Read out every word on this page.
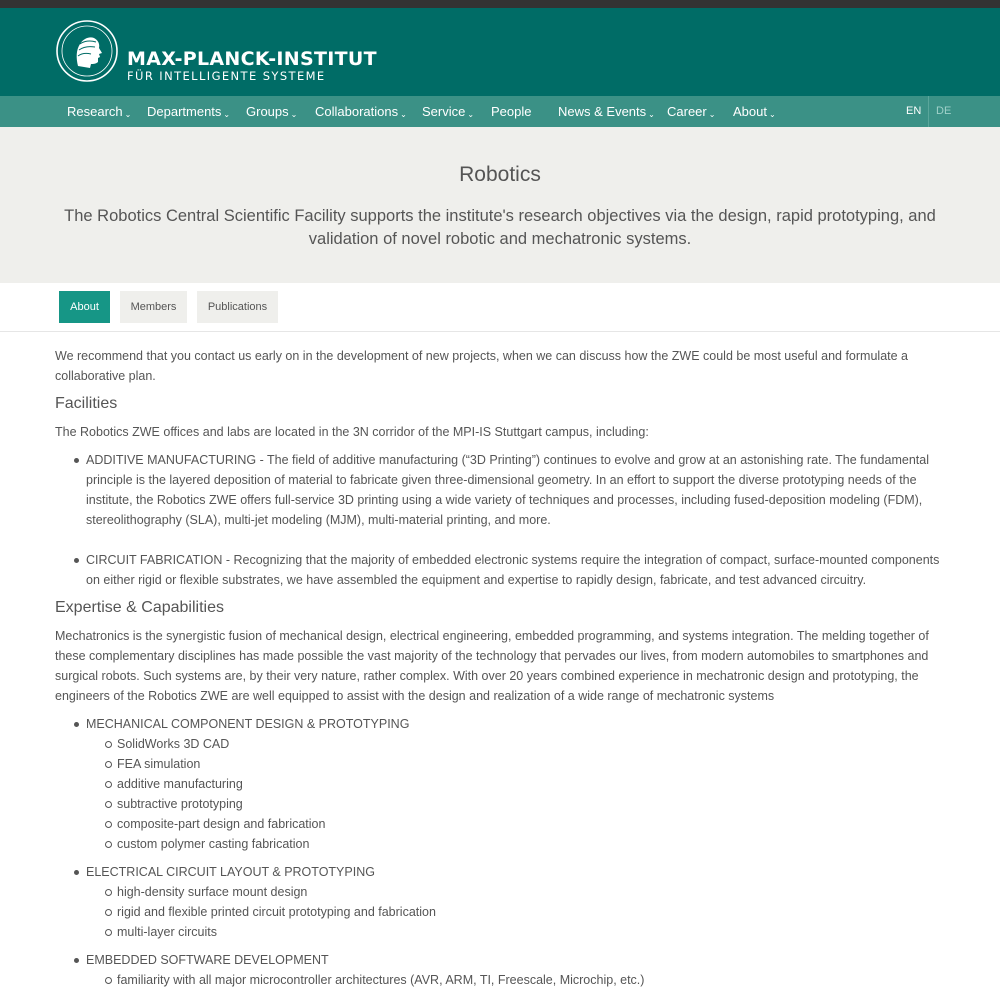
MAX-PLANCK-INSTITUT
FÜR INTELLIGENTE SYSTEME
Research ⌄ Departments ⌄ Groups ⌄ Collaborations ⌄ Service ⌄ People News & Events ⌄ Career ⌄ About ⌄	EN DE
Robotics
The Robotics Central Scientific Facility supports the institute's research objectives via the design, rapid prototyping, and validation of novel robotic and mechatronic systems.
About	Members	Publications

We recommend that you contact us early on in the development of new projects, when we can discuss how the ZWE could be most useful and formulate a collaborative plan.

Facilities

The Robotics ZWE offices and labs are located in the 3N corridor of the MPI-IS Stuttgart campus, including:

ADDITIVE MANUFACTURING - The field of additive manufacturing (“3D Printing”) continues to evolve and grow at an astonishing rate. The fundamental principle is the layered deposition of material to fabricate given three-dimensional geometry. In an effort to support the diverse prototyping needs of the institute, the Robotics ZWE offers full-service 3D printing using a wide variety of techniques and processes, including fused-deposition modeling (FDM), stereolithography (SLA), multi-jet modeling (MJM), multi-material printing, and more.
CIRCUIT FABRICATION - Recognizing that the majority of embedded electronic systems require the integration of compact, surface-mounted components on either rigid or flexible substrates, we have assembled the equipment and expertise to rapidly design, fabricate, and test advanced circuitry.
Expertise & Capabilities

Mechatronics is the synergistic fusion of mechanical design, electrical engineering, embedded programming, and systems integration. The melding together of these complementary disciplines has made possible the vast majority of the technology that pervades our lives, from modern automobiles to smartphones and surgical robots. Such systems are, by their very nature, rather complex. With over 20 years combined experience in mechatronic design and prototyping, the engineers of the Robotics ZWE are well equipped to assist with the design and realization of a wide range of mechatronic systems

MECHANICAL COMPONENT DESIGN & PROTOTYPING
SolidWorks 3D CAD
FEA simulation
additive manufacturing
subtractive prototyping
composite-part design and fabrication
custom polymer casting fabrication
ELECTRICAL CIRCUIT LAYOUT & PROTOTYPING
high-density surface mount design
rigid and flexible printed circuit prototyping and fabrication
multi-layer circuits
EMBEDDED SOFTWARE DEVELOPMENT
familiarity with all major microcontroller architectures (AVR, ARM, TI, Freescale, Microchip, etc.)
